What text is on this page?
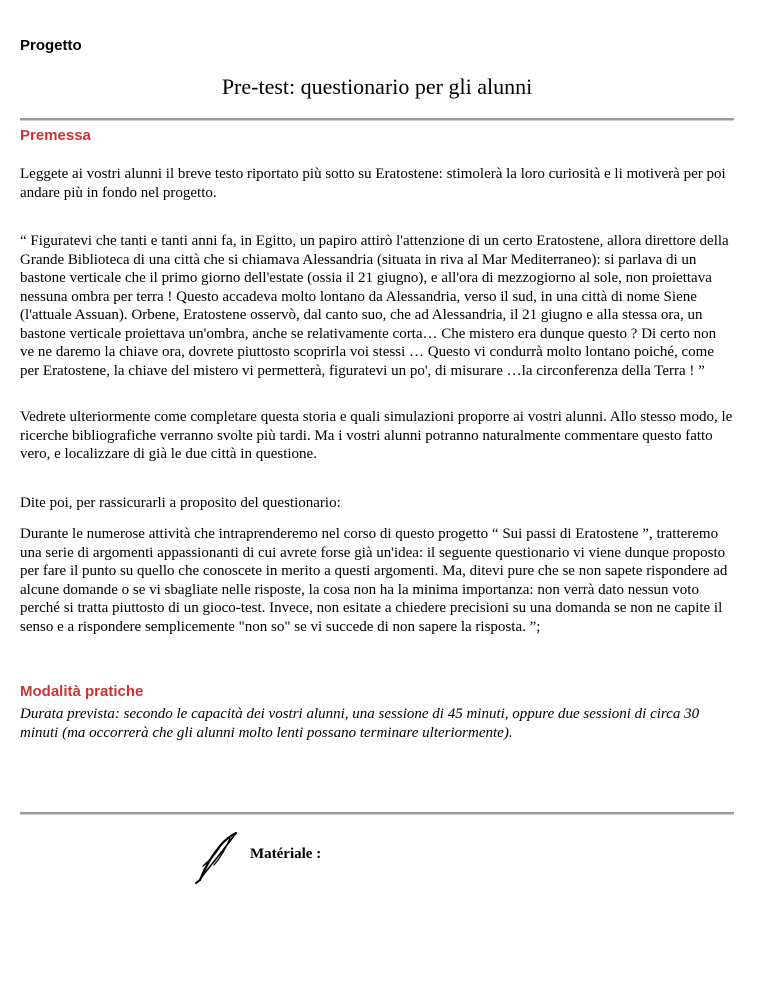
Progetto
Pre-test: questionario per gli alunni
Premessa

Leggete ai vostri alunni il breve testo riportato più sotto su Eratostene: stimolerà la loro curiosità e li motiverà per poi andare più in fondo nel progetto.

“ Figuratevi che tanti e tanti anni fa, in Egitto, un papiro attirò l'attenzione di un certo Eratostene, allora direttore della Grande Biblioteca di una città che si chiamava Alessandria (situata in riva al Mar Mediterraneo): si parlava di un bastone verticale che il primo giorno dell'estate (ossia il 21 giugno), e all'ora di mezzogiorno al sole, non proiettava nessuna ombra per terra ! Questo accadeva molto lontano da Alessandria, verso il sud, in una città di nome Siene (l'attuale Assuan). Orbene, Eratostene osservò, dal canto suo, che ad Alessandria, il 21 giugno e alla stessa ora, un bastone verticale proiettava un'ombra, anche se relativamente corta… Che mistero era dunque questo ? Di certo non ve ne daremo la chiave ora, dovrete piuttosto scoprirla voi stessi … Questo vi condurrà molto lontano poiché, come per Eratostene, la chiave del mistero vi permetterà, figuratevi un po', di misurare …la circonferenza della Terra ! ”

Vedrete ulteriormente come completare questa storia e quali simulazioni proporre ai vostri alunni. Allo stesso modo, le ricerche bibliografiche verranno svolte più tardi. Ma i vostri alunni potranno naturalmente commentare questo fatto vero, e localizzare di già le due città in questione.

Dite poi, per rassicurarli a proposito del questionario:

Durante le numerose attività che intraprenderemo nel corso di questo progetto “ Sui passi di Eratostene ”, tratteremo una serie di argomenti appassionanti di cui avrete forse già un'idea: il seguente questionario vi viene dunque proposto per fare il punto su quello che conoscete in merito a questi argomenti. Ma, ditevi pure che se non sapete rispondere ad alcune domande o se vi sbagliate nelle risposte, la cosa non ha la minima importanza: non verrà dato nessun voto perché si tratta piuttosto di un gioco-test. Invece, non esitate a chiedere precisioni su una domanda se non ne capite il senso e a rispondere semplicemente "non so" se vi succede di non sapere la risposta. ”;

Modalità pratiche

Durata prevista: secondo le capacità dei vostri alunni, una sessione di 45 minuti, oppure due sessioni di circa 30 minuti (ma occorrerà che gli alunni molto lenti possano terminare ulteriormente).

Matériale :
